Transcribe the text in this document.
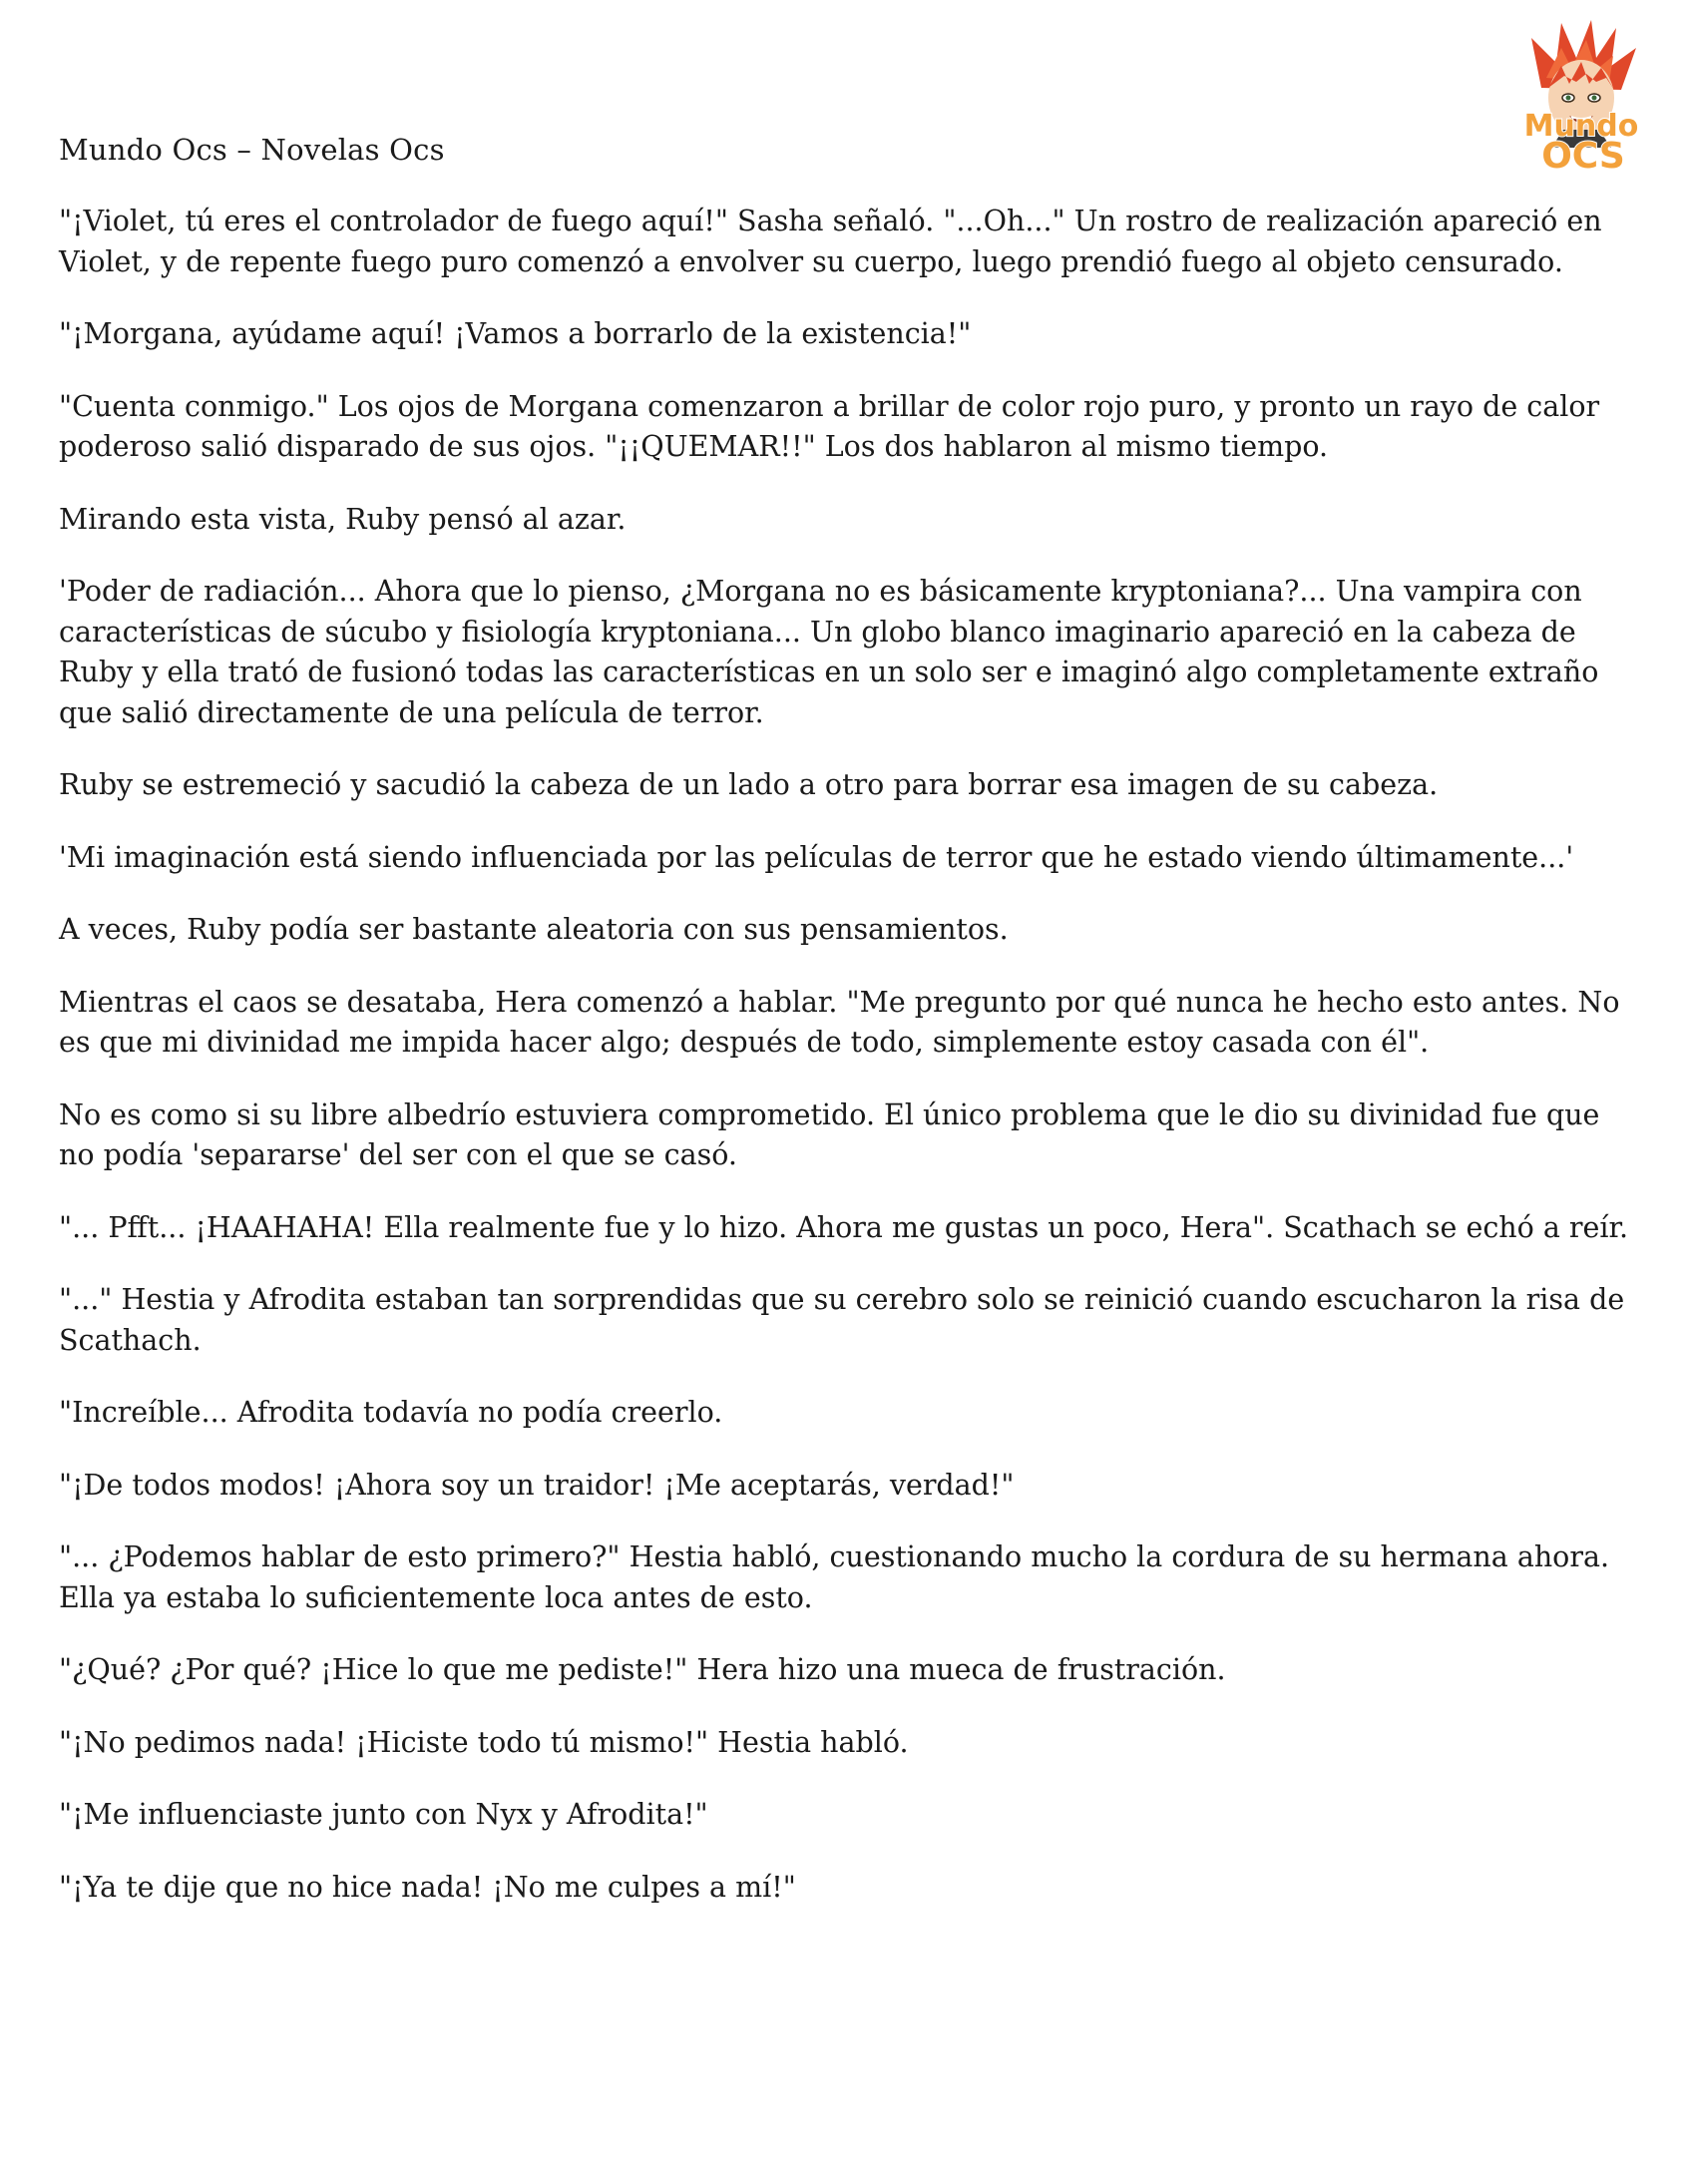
Mundo Ocs – Novelas Ocs
Mundo
OCS

"¡Violet, tú eres el controlador de fuego aquí!" Sasha señaló. "...Oh..." Un rostro de realización apareció en Violet, y de repente fuego puro comenzó a envolver su cuerpo, luego prendió fuego al objeto censurado.

"¡Morgana, ayúdame aquí! ¡Vamos a borrarlo de la existencia!"

"Cuenta conmigo." Los ojos de Morgana comenzaron a brillar de color rojo puro, y pronto un rayo de calor poderoso salió disparado de sus ojos. "¡¡QUEMAR!!" Los dos hablaron al mismo tiempo.

Mirando esta vista, Ruby pensó al azar.

'Poder de radiación... Ahora que lo pienso, ¿Morgana no es básicamente kryptoniana?... Una vampira con características de súcubo y fisiología kryptoniana... Un globo blanco imaginario apareció en la cabeza de Ruby y ella trató de fusionó todas las características en un solo ser e imaginó algo completamente extraño que salió directamente de una película de terror.

Ruby se estremeció y sacudió la cabeza de un lado a otro para borrar esa imagen de su cabeza.

'Mi imaginación está siendo influenciada por las películas de terror que he estado viendo últimamente...'

A veces, Ruby podía ser bastante aleatoria con sus pensamientos.

Mientras el caos se desataba, Hera comenzó a hablar. "Me pregunto por qué nunca he hecho esto antes. No es que mi divinidad me impida hacer algo; después de todo, simplemente estoy casada con él".

No es como si su libre albedrío estuviera comprometido. El único problema que le dio su divinidad fue que no podía 'separarse' del ser con el que se casó.

"... Pfft... ¡HAAHAHA! Ella realmente fue y lo hizo. Ahora me gustas un poco, Hera". Scathach se echó a reír.

"..." Hestia y Afrodita estaban tan sorprendidas que su cerebro solo se reinició cuando escucharon la risa de Scathach.

"Increíble... Afrodita todavía no podía creerlo.

"¡De todos modos! ¡Ahora soy un traidor! ¡Me aceptarás, verdad!"

"... ¿Podemos hablar de esto primero?" Hestia habló, cuestionando mucho la cordura de su hermana ahora. Ella ya estaba lo suficientemente loca antes de esto.

"¿Qué? ¿Por qué? ¡Hice lo que me pediste!" Hera hizo una mueca de frustración.

"¡No pedimos nada! ¡Hiciste todo tú mismo!" Hestia habló.

"¡Me influenciaste junto con Nyx y Afrodita!"

"¡Ya te dije que no hice nada! ¡No me culpes a mí!"
